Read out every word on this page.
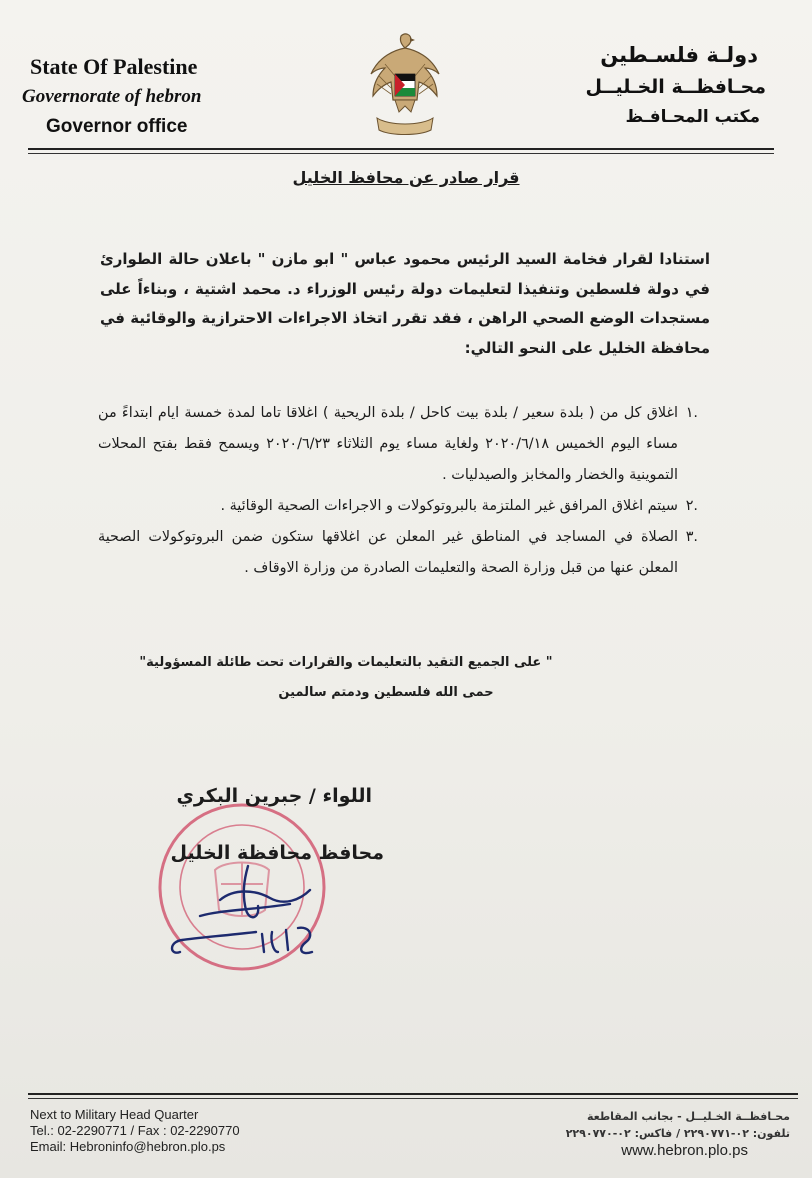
State Of Palestine
Governorate of hebron
Governor office
دولـة فلسـطين
محـافظــة الخـليــل
مكتب المحـافـظ
قرار صادر عن محافظ الخليل
استنادا لقرار فخامة السيد الرئيس محمود عباس " ابو مازن " باعلان حالة الطوارئ في دولة فلسطين وتنفيذا لتعليمات دولة رئيس الوزراء د. محمد اشتية ، وبناءاً على مستجدات الوضع الصحي الراهن ، فقد تقرر اتخاذ الاجراءات الاحترازية والوقائية في محافظة الخليل على النحو التالي:
.١
اغلاق كل من ( بلدة سعير / بلدة بيت كاحل / بلدة الريحية ) اغلاقا تاما لمدة خمسة ايام ابتداءً من مساء اليوم الخميس ٢٠٢٠/٦/١٨ ولغاية مساء يوم الثلاثاء ٢٠٢٠/٦/٢٣ ويسمح فقط بفتح المحلات التموينية والخضار والمخابز والصيدليات .
.٢
سيتم اغلاق المرافق غير الملتزمة بالبروتوكولات و الاجراءات الصحية الوقائية .
.٣
الصلاة في المساجد في المناطق غير المعلن عن اغلاقها ستكون ضمن البروتوكولات الصحية المعلن عنها من قبل وزارة الصحة والتعليمات الصادرة من وزارة الاوقاف .
" على الجميع التقيد بالتعليمات والقرارات تحت طائلة المسؤولية"
حمى الله فلسطين ودمتم سالمين
اللواء / جبرين البكري
محافظ محافظة الخليل
Next to Military Head Quarter
Tel.: 02-2290771 / Fax : 02-2290770
Email: Hebroninfo@hebron.plo.ps
محـافظــة الخـليــل - بجانب المقاطعة
تلفون: ٠٢-٢٢٩٠٧٧١ / فاكس: ٠٢-٢٢٩٠٧٧٠
www.hebron.plo.ps
